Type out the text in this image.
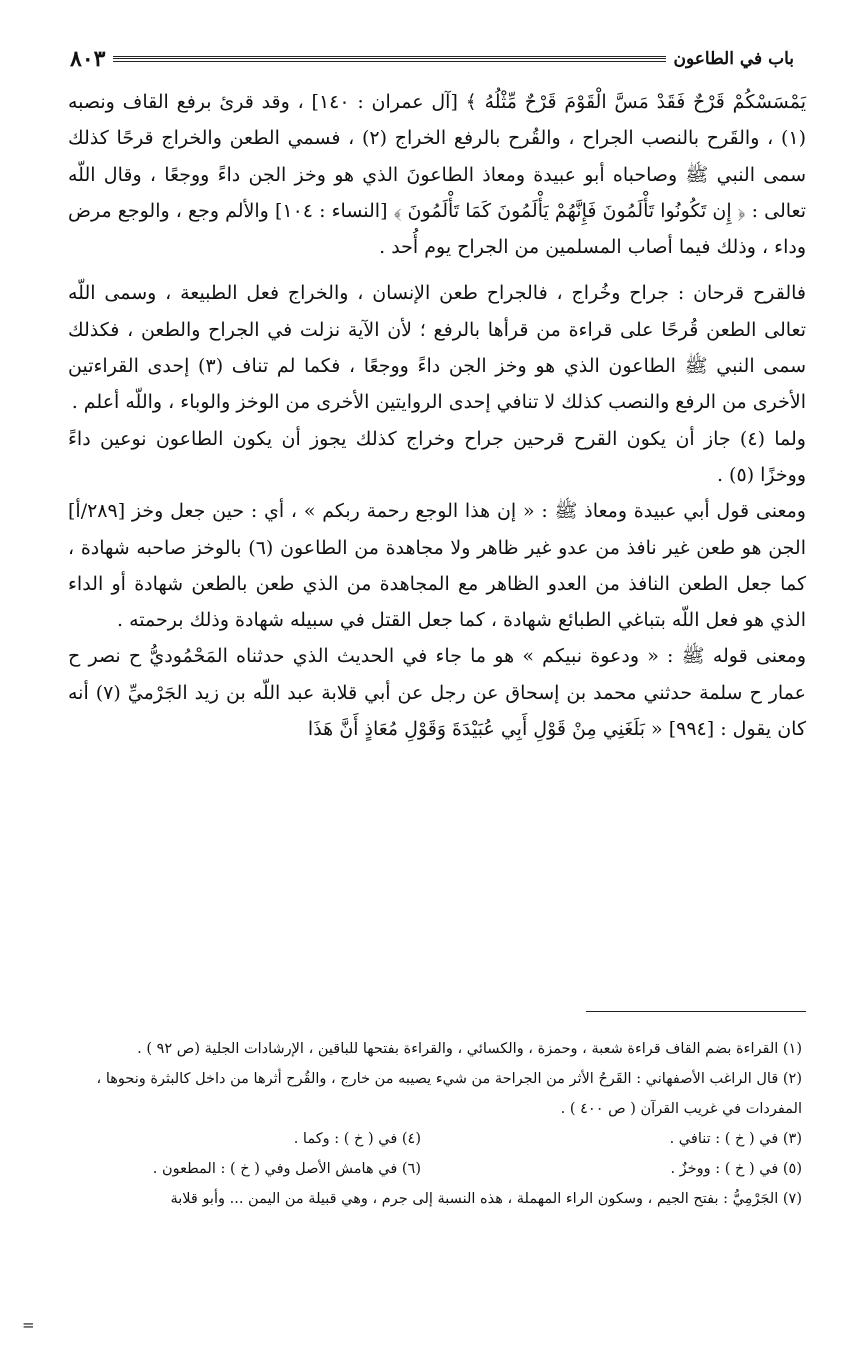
باب في الطاعون
٨٠٣

يَمْسَسْكُمْ قَرْحٌ فَقَدْ مَسَّ الْقَوْمَ قَرْحٌ مِّثْلُهُ ﴾ [آل عمران : ١٤٠] ، وقد قرئ برفع القاف ونصبه (١) ، والقَرح بالنصب الجراح ، والقُرح بالرفع الخراج (٢) ، فسمي الطعن والخراج قرحًا كذلك سمى النبي ﷺ وصاحباه أبو عبيدة ومعاذ الطاعونَ الذي هو وخز الجن داءً ووجعًا ، وقال اللّه تعالى : ﴿ إِن تَكُونُوا تَأْلَمُونَ فَإِنَّهُمْ يَأْلَمُونَ كَمَا تَأْلَمُونَ ﴾ [النساء : ١٠٤] والألم وجع ، والوجع مرض وداء ، وذلك فيما أصاب المسلمين من الجراح يوم أُحد .

فالقرح قرحان : جراح وخُراج ، فالجراح طعن الإنسان ، والخراج فعل الطبيعة ، وسمى اللّه تعالى الطعن قُرحًا على قراءة من قرأها بالرفع ؛ لأن الآية نزلت في الجراح والطعن ، فكذلك سمى النبي ﷺ الطاعون الذي هو وخز الجن داءً ووجعًا ، فكما لم تناف (٣) إحدى القراءتين الأخرى من الرفع والنصب كذلك لا تنافي إحدى الروايتين الأخرى من الوخز والوباء ، واللّه أعلم .

ولما (٤) جاز أن يكون القرح قرحين جراح وخراج كذلك يجوز أن يكون الطاعون نوعين داءً ووخزًا (٥) .

ومعنى قول أبي عبيدة ومعاذ ﷺ : « إن هذا الوجع رحمة ربكم » ، أي : حين جعل وخز [٢٨٩/أ] الجن هو طعن غير نافذ من عدو غير ظاهر ولا مجاهدة من الطاعون (٦) بالوخز صاحبه شهادة ، كما جعل الطعن النافذ من العدو الظاهر مع المجاهدة من الذي طعن بالطعن شهادة أو الداء الذي هو فعل اللّه بتباغي الطبائع شهادة ، كما جعل القتل في سبيله شهادة وذلك برحمته .

ومعنى قوله ﷺ : « ودعوة نبيكم » هو ما جاء في الحديث الذي حدثناه المَحْمُوديُّ ح نصر ح عمار ح سلمة حدثني محمد بن إسحاق عن رجل عن أبي قلابة عبد اللّه بن زيد الجَرْميِّ (٧) أنه كان يقول : [٩٩٤] « بَلَغَنِي مِنْ قَوْلِ أَبِي عُبَيْدَةَ وَقَوْلِ مُعَاذٍ أَنَّ هَذَا

(١) القراءة بضم القاف قراءة شعبة ، وحمزة ، والكسائي ، والقراءة بفتحها للباقين ، الإرشادات الجلية (ص ٩٢ ) .

(٢) قال الراغب الأصفهاني : القَرحُ الأثر من الجراحة من شيء يصيبه من خارج ، والقُرح أثرها من داخل كالبثرة ونحوها ، المفردات في غريب القرآن ( ص ٤٠٠ ) .

(٣) في ( خ ) : تنافي .
(٤) في ( خ ) : وكما .
(٥) في ( خ ) : ووخزٌ .
(٦) في هامش الأصل وفي ( خ ) : المطعون .

(٧) الجَرْمِيُّ : بفتح الجيم ، وسكون الراء المهملة ، هذه النسبة إلى جرم ، وهي قبيلة من اليمن ... وأبو قلابة

=
